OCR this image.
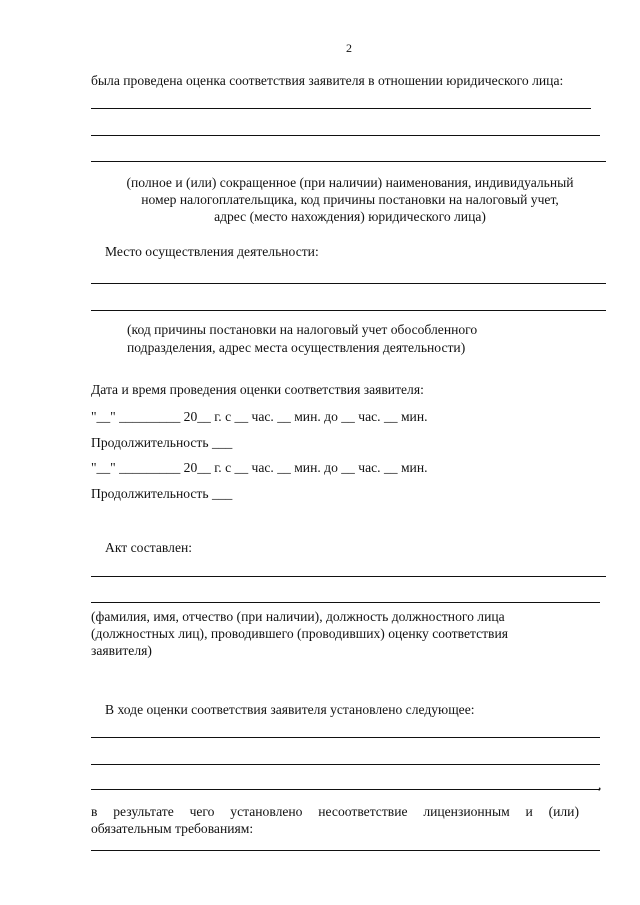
2
была проведена оценка соответствия заявителя в отношении юридического лица:
(полное и (или) сокращенное (при наличии) наименования, индивидуальный
номер налогоплательщика, код причины постановки на налоговый учет,
адрес (место нахождения) юридического лица)
Место осуществления деятельности:
(код причины постановки на налоговый учет обособленного
подразделения, адрес места осуществления деятельности)
Дата и время проведения оценки соответствия заявителя:
"__" _________ 20__ г. с __ час. __ мин. до __ час. __ мин.
Продолжительность ___
"__" _________ 20__ г. с __ час. __ мин. до __ час. __ мин.
Продолжительность ___
Акт составлен:
(фамилия, имя, отчество (при наличии), должность должностного лица
(должностных лиц), проводившего (проводивших) оценку соответствия
заявителя)
В ходе оценки соответствия заявителя установлено следующее:
,
в результате чего установлено несоответствие лицензионным и (или)
обязательным требованиям:
